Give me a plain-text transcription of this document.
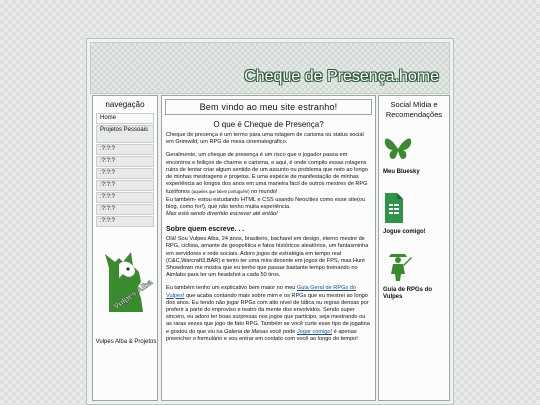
Cheque de Presença.home
navegação
Home
Projetos Pessoais
:?:?:?
:?:?:?
:?:?:?
:?:?:?
:?:?:?
:?:?:?
:?:?:?
Vulpes Alba
Vulpes Alba & Projetos
Bem vindo ao meu site estranho!
O que é Cheque de Presença?

Cheque de presença é um termo para uma rolagem de carisma ou status social em Grimwild, um RPG de mesa cinematográfico.

Geralmente, um cheque de presença é um risco que o jogador passa em encontros e feitiços de charme e carisma, e aqui, é onde compilo essas rolagens ruins de tentar criar algum sentido de um assunto ou problema que noto ao longo de minhas mestragens e projetos. E uma espécie de manifestação de minhas experiência ao longos dos anos em uma maneira fácil de outros mestres de RPG lusófonos (aqueles que falem português!) no mundo!

Eu também- estou estudando HTML e CSS usando Neocities como esse site(ou blog, como for!), que não tenho muita experiência.

Mas está sendo divertido escrever até então!

Sobre quem escreve. . .

Olá! Sou Vulpes Alba, 24 anos, brasileiro, bacharel em design, eterno mestre de RPG, ciclista, amante de geopolítica e fatos históricos aleatórios, um fantasminha em servidores e rede sociais. Adoro jogos de estratégia em tempo real (C&C,Warcraft3,BAR) e tento ter uma mira decente em jogos de FPS, mas Hunt Showdown me mostra que eu tenho que passar bastante tempo treinando no Aimlabs para ter um headshot a cada 50 tiros.

Eu também tenho um explicativo bem maior no meu Guia Geral de RPGs do Vulpes! que acaba contando mais sobre mim e os RPGs que eu mestrei ao longo dos anos. Eu tendo não jogar RPGs com alto nível de tática ou regras densas por preferir a parte do improviso e teatro da mente dos envolvidos. Sendo super sincero, eu adoro ter boas surpresas nos jogos que participo, seja mestrando ou as raras vezes que jogo de fato RPG. Também se você curte esse tipo de jogatina e gostou do que viu na Galeria de Mesas você pode Jogar comigo! é apenas preencher o formulário e vou entrar em contato com você ao longo do tempo!

Social Mídia e Recomendações
Meu Bluesky
Jogue comigo!
Guia de RPGs do Vulpes
